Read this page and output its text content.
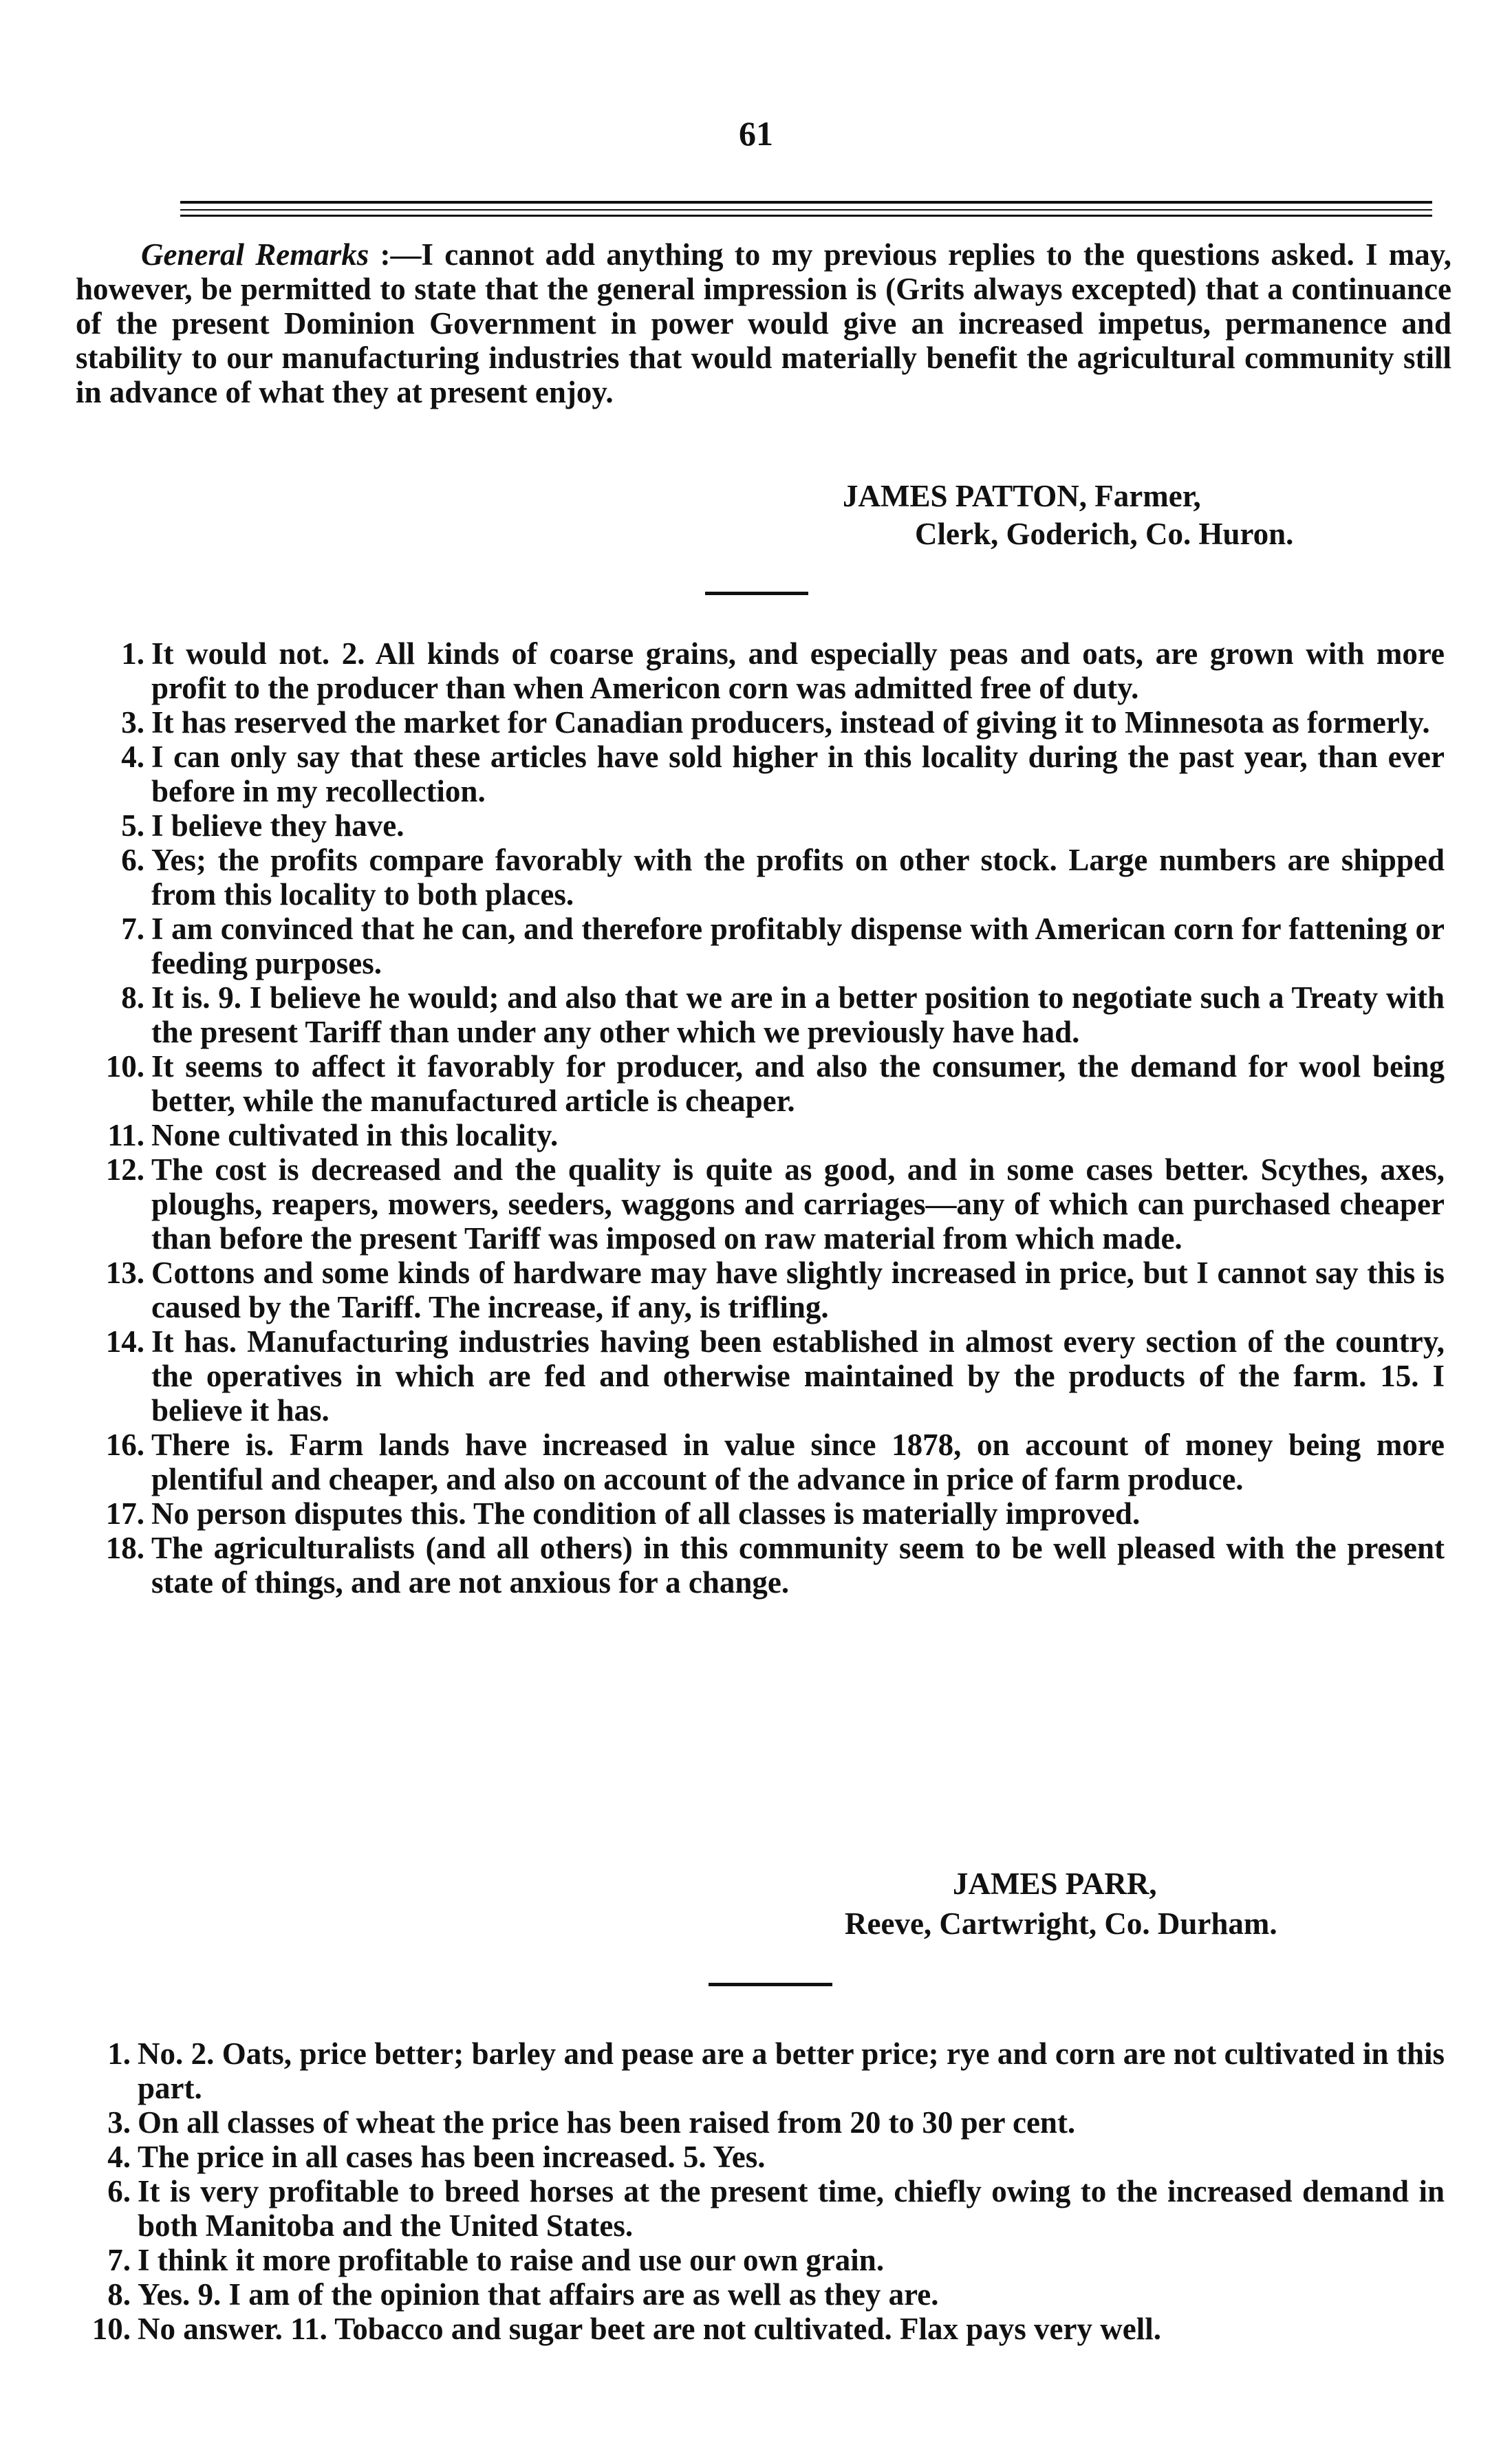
61

General Remarks :—I cannot add anything to my previous replies to the questions asked. I may, however, be permitted to state that the general impression is (Grits always excepted) that a continuance of the present Dominion Government in power would give an increased impetus, permanence and stability to our manufacturing industries that would materially benefit the agricultural community still in advance of what they at present enjoy.

JAMES PATTON, Farmer,
Clerk, Goderich, Co. Huron.

1. It would not. 2. All kinds of coarse grains, and especially peas and oats, are grown with more profit to the producer than when Americon corn was admitted free of duty.

3. It has reserved the market for Canadian producers, instead of giving it to Minnesota as formerly.

4. I can only say that these articles have sold higher in this locality during the past year, than ever before in my recollection.

5. I believe they have.

6. Yes; the profits compare favorably with the profits on other stock. Large numbers are shipped from this locality to both places.

7. I am convinced that he can, and therefore profitably dispense with American corn for fattening or feeding purposes.

8. It is. 9. I believe he would; and also that we are in a better position to negotiate such a Treaty with the present Tariff than under any other which we previously have had.

10. It seems to affect it favorably for producer, and also the consumer, the demand for wool being better, while the manufactured article is cheaper.

11. None cultivated in this locality.

12. The cost is decreased and the quality is quite as good, and in some cases better. Scythes, axes, ploughs, reapers, mowers, seeders, waggons and carriages—any of which can purchased cheaper than before the present Tariff was imposed on raw material from which made.

13. Cottons and some kinds of hardware may have slightly increased in price, but I cannot say this is caused by the Tariff. The increase, if any, is trifling.

14. It has. Manufacturing industries having been established in almost every section of the country, the operatives in which are fed and otherwise maintained by the products of the farm. 15. I believe it has.

16. There is. Farm lands have increased in value since 1878, on account of money being more plentiful and cheaper, and also on account of the advance in price of farm produce.

17. No person disputes this. The condition of all classes is materially improved.

18. The agriculturalists (and all others) in this community seem to be well pleased with the present state of things, and are not anxious for a change.

JAMES PARR,
Reeve, Cartwright, Co. Durham.

1. No. 2. Oats, price better; barley and pease are a better price; rye and corn are not cultivated in this part.

3. On all classes of wheat the price has been raised from 20 to 30 per cent.

4. The price in all cases has been increased. 5. Yes.

6. It is very profitable to breed horses at the present time, chiefly owing to the increased demand in both Manitoba and the United States.

7. I think it more profitable to raise and use our own grain.

8. Yes. 9. I am of the opinion that affairs are as well as they are.

10. No answer. 11. Tobacco and sugar beet are not cultivated. Flax pays very well.
